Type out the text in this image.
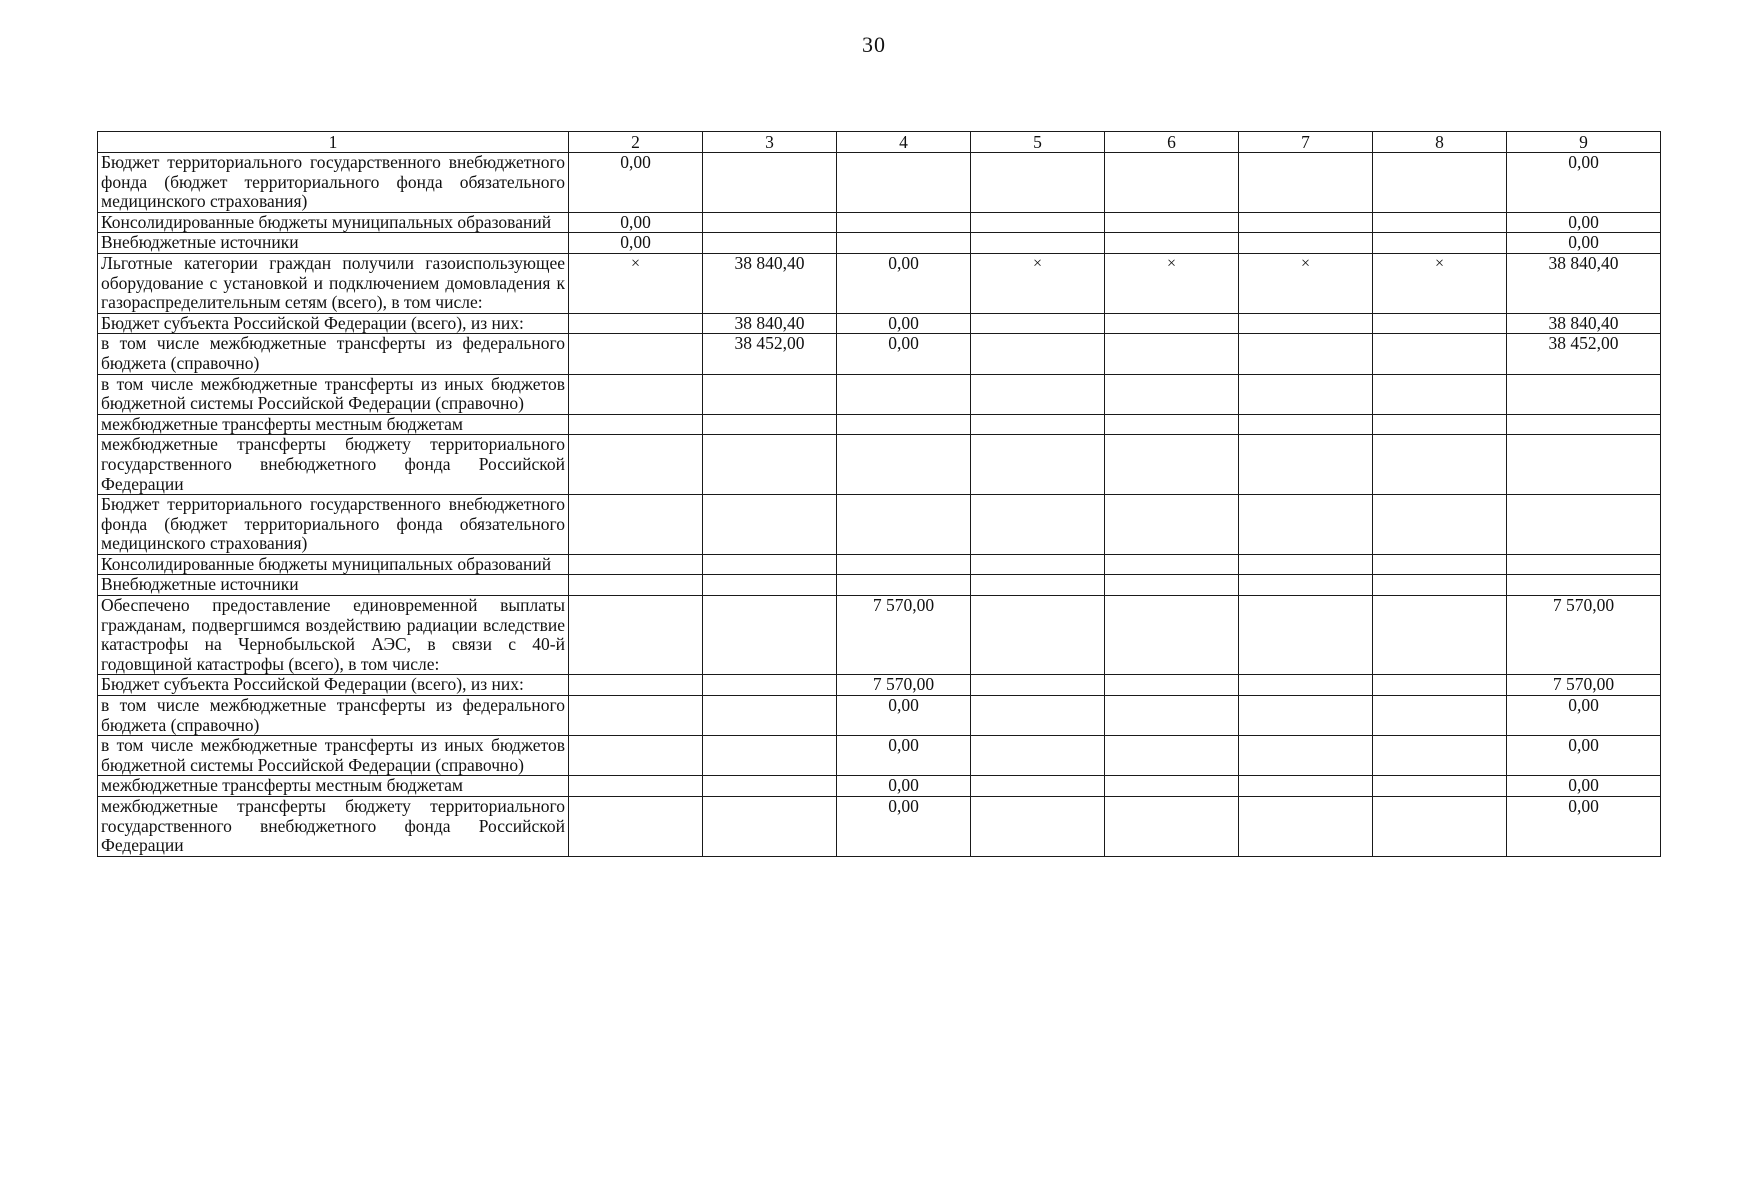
30
1	2	3	4	5	6	7	8	9
Бюджет территориального государственного внебюджетного фонда (бюджет территориального фонда обязательного медицинского страхования)	0,00							0,00
Консолидированные бюджеты муниципальных образований	0,00							0,00
Внебюджетные источники	0,00							0,00
Льготные категории граждан получили газоиспользующее оборудование с установкой и подключением домовладения к газораспределительным сетям (всего), в том числе:	×	38 840,40	0,00	×	×	×	×	38 840,40
Бюджет субъекта Российской Федерации (всего), из них:		38 840,40	0,00					38 840,40
в том числе межбюджетные трансферты из федерального бюджета (справочно)		38 452,00	0,00					38 452,00
в том числе межбюджетные трансферты из иных бюджетов бюджетной системы Российской Федерации (справочно)								
межбюджетные трансферты местным бюджетам								
межбюджетные трансферты бюджету территориального государственного внебюджетного фонда Российской Федерации								
Бюджет территориального государственного внебюджетного фонда (бюджет территориального фонда обязательного медицинского страхования)								
Консолидированные бюджеты муниципальных образований								
Внебюджетные источники								
Обеспечено предоставление единовременной выплаты гражданам, подвергшимся воздействию радиации вследствие катастрофы на Чернобыльской АЭС, в связи с 40-й годовщиной катастрофы (всего), в том числе:			7 570,00					7 570,00
Бюджет субъекта Российской Федерации (всего), из них:			7 570,00					7 570,00
в том числе межбюджетные трансферты из федерального бюджета (справочно)			0,00					0,00
в том числе межбюджетные трансферты из иных бюджетов бюджетной системы Российской Федерации (справочно)			0,00					0,00
межбюджетные трансферты местным бюджетам			0,00					0,00
межбюджетные трансферты бюджету территориального государственного внебюджетного фонда Российской Федерации			0,00					0,00
